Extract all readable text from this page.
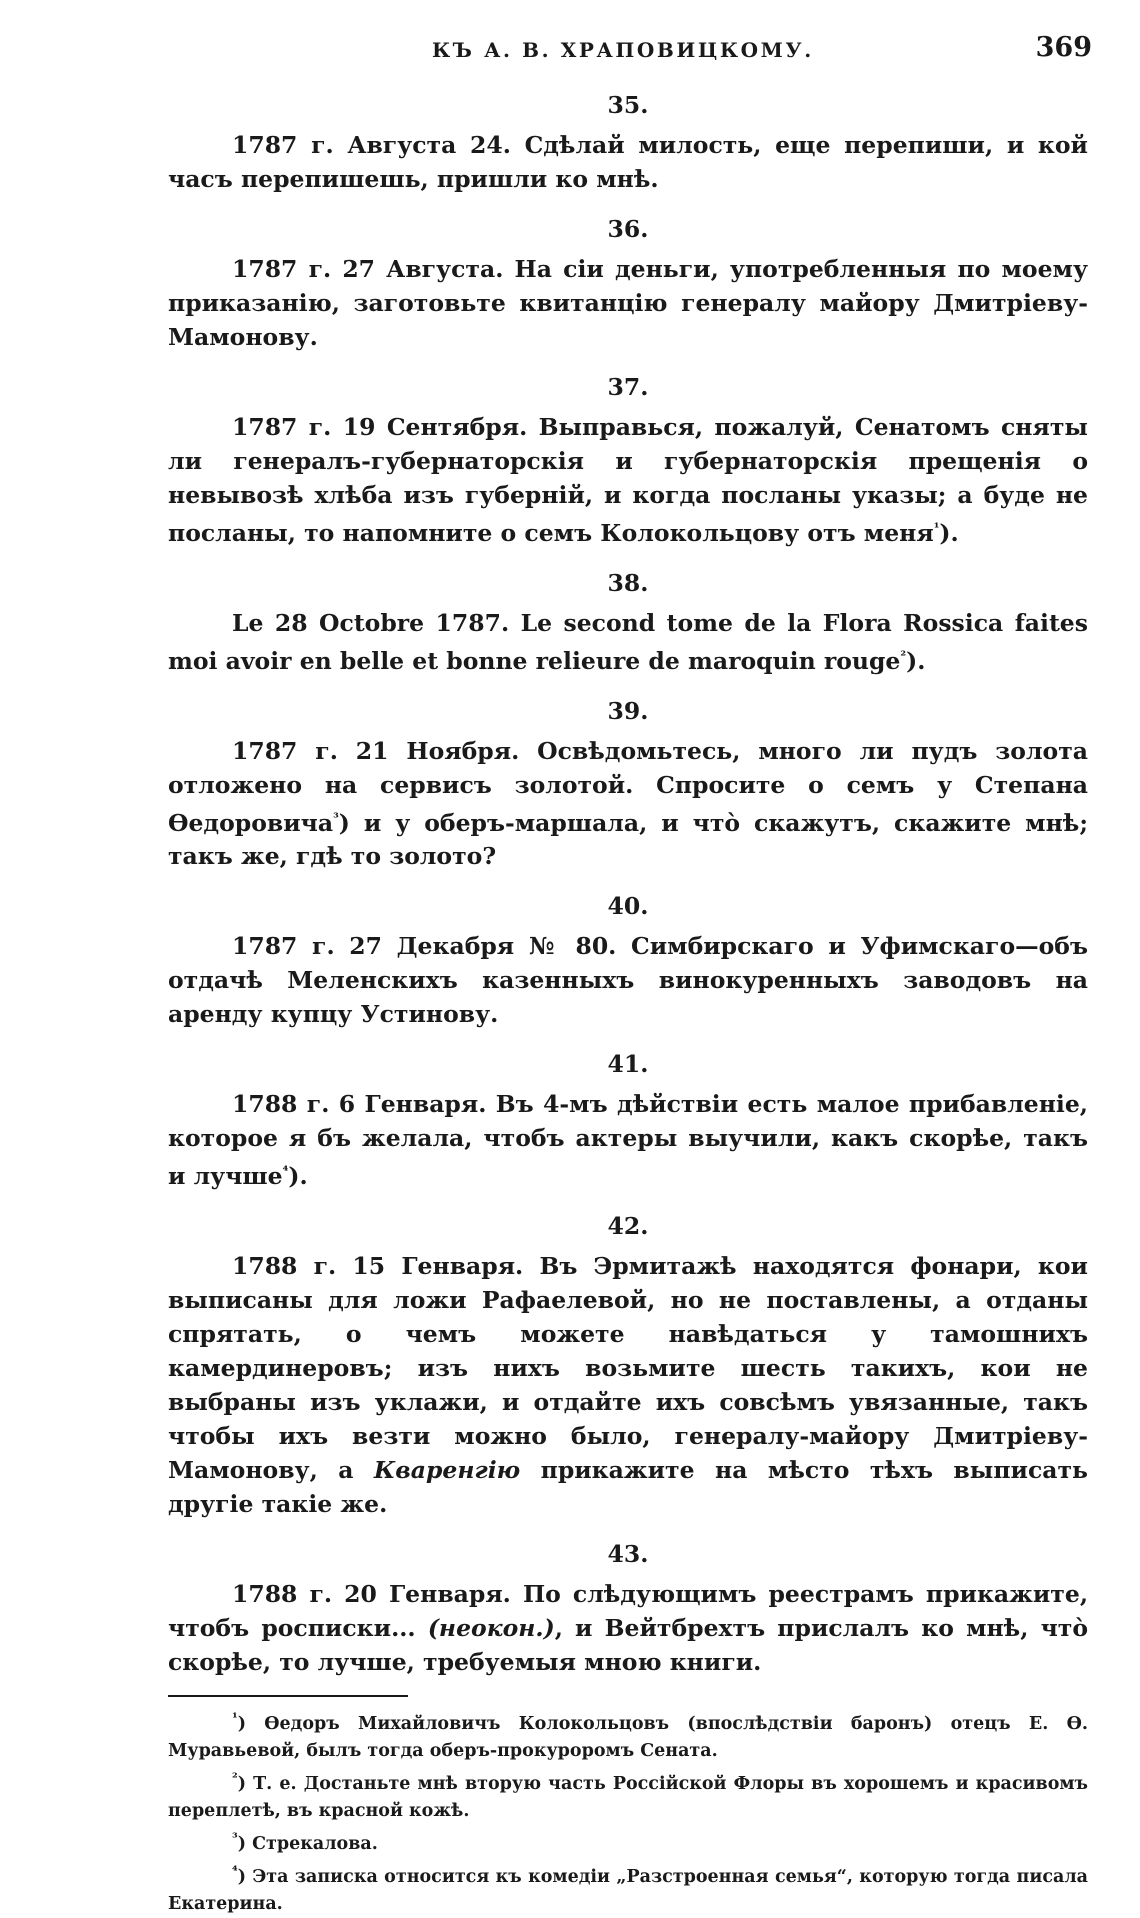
КЪ А. В. ХРАПОВИЦКОМУ.	369
35.

1787 г. Августа 24. Сдѣлай милость, еще перепиши, и кой часъ перепишешь, пришли ко мнѣ.

36.

1787 г. 27 Августа. На сіи деньги, употребленныя по моему приказанію, заготовьте квитанцію генералу майору Дмитріеву-Мамонову.

37.

1787 г. 19 Сентября. Выправься, пожалуй, Сенатомъ сняты ли генералъ-губернаторскія и губернаторскія прещенія о невывозѣ хлѣба изъ губерній, и когда посланы указы; а буде не посланы, то напомните о семъ Колокольцову отъ меня$^{^1}$).

38.

Le 28 Octobre 1787. Le second tome de la Flora Rossica faites moi avoir en belle et bonne relieure de maroquin rouge$^{^2}$).

39.

1787 г. 21 Ноября. Освѣдомьтесь, много ли пудъ золота отложено на сервисъ золотой. Спросите о семъ у Степана Ѳедоровича$^{^3}$) и у оберъ-маршала, и что̀ скажутъ, скажите мнѣ; такъ же, гдѣ то золото?

40.

1787 г. 27 Декабря № 80. Симбирскаго и Уфимскаго—объ отдачѣ Меленскихъ казенныхъ винокуренныхъ заводовъ на аренду купцу Устинову.

41.

1788 г. 6 Генваря. Въ 4-мъ дѣйствіи есть малое прибавленіе, которое я бъ желала, чтобъ актеры выучили, какъ скорѣе, такъ и лучше$^{^4}$).

42.

1788 г. 15 Генваря. Въ Эрмитажѣ находятся фонари, кои выписаны для ложи Рафаелевой, но не поставлены, а отданы спрятать, о чемъ можете навѣдаться у тамошнихъ камердинеровъ; изъ нихъ возьмите шесть такихъ, кои не выбраны изъ уклажи, и отдайте ихъ совсѣмъ увязанные, такъ чтобы ихъ везти можно было, генералу-майору Дмитріеву-Мамонову, а Кваренгію прикажите на мѣсто тѣхъ выписать другіе такіе же.

43.

1788 г. 20 Генваря. По слѣдующимъ реестрамъ прикажите, чтобъ росписки... (неокон.), и Вейтбрехтъ прислалъ ко мнѣ, что̀ скорѣе, то лучше, требуемыя мною книги.

$^{^1}$) Ѳедоръ Михайловичъ Колокольцовъ (впослѣдствіи баронъ) отецъ Е. Ѳ. Муравьевой, былъ тогда оберъ-прокуроромъ Сената.

$^{^2}$) Т. е. Достаньте мнѣ вторую часть Россійской Флоры въ хорошемъ и красивомъ переплетѣ, въ красной кожѣ.

$^{^3}$) Стрекалова.

$^{^4}$) Эта записка относится къ комедіи „Разстроенная семья“, которую тогда писала Екатерина.
